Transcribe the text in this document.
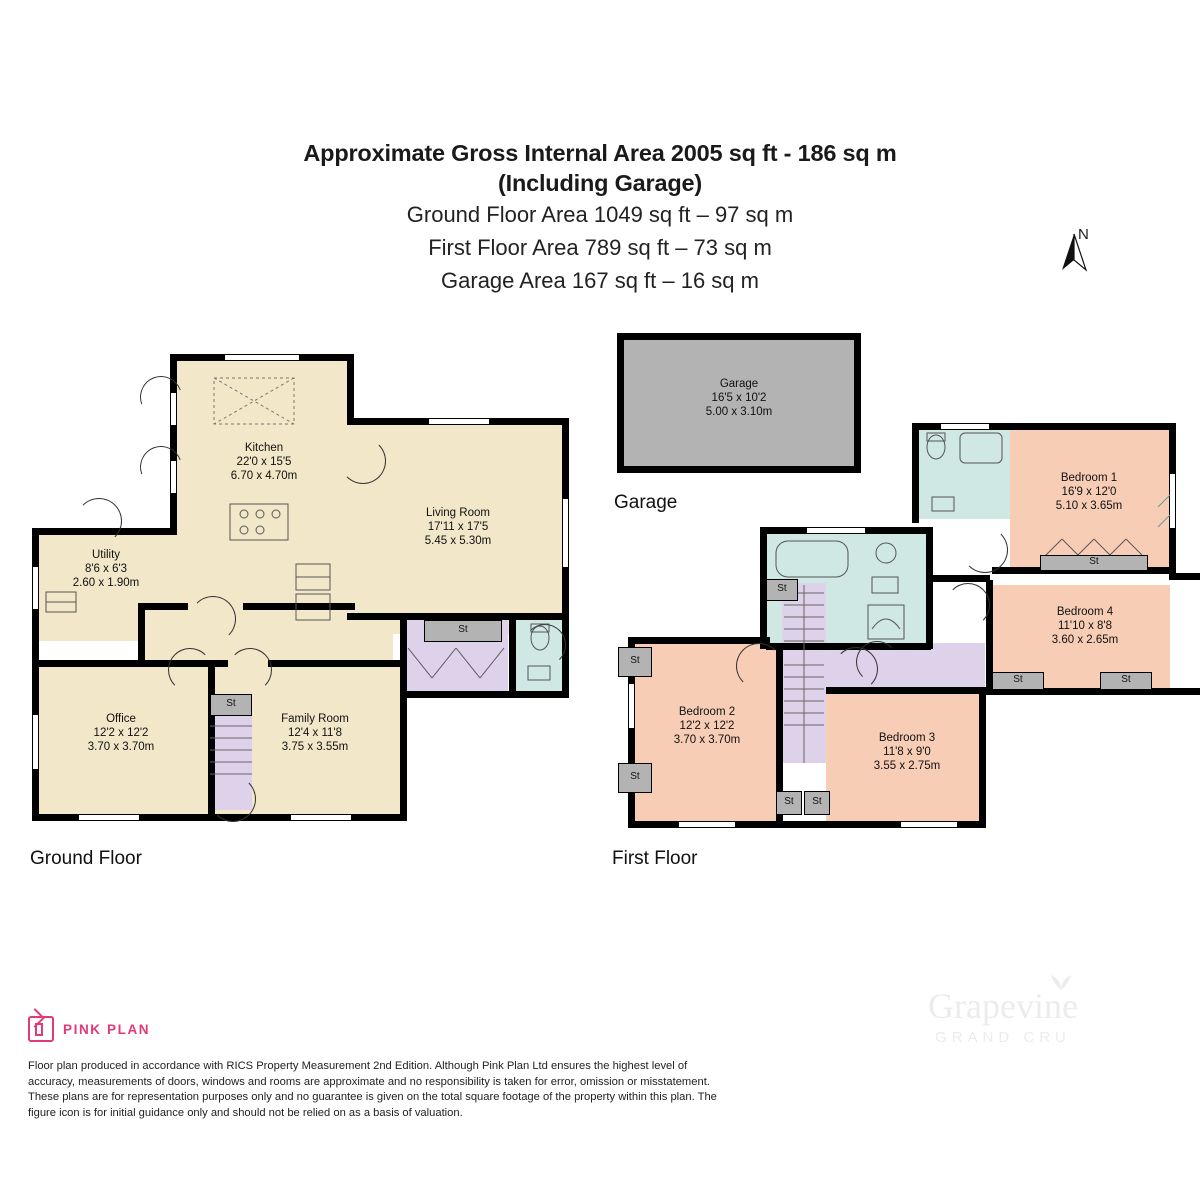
Approximate Gross Internal Area 2005 sq ft - 186 sq m
(Including Garage)
Ground Floor Area 1049 sq ft – 97 sq m
First Floor Area 789 sq ft – 73 sq m
Garage Area 167 sq ft – 16 sq m
N
Garage
16'5 x 10'2
5.00 x 3.10m
Garage
St
St
Kitchen
22'0 x 15'5
6.70 x 4.70m
Living Room
17'11 x 17'5
5.45 x 5.30m
Utility
8'6 x 6'3
2.60 x 1.90m
Office
12'2 x 12'2
3.70 x 3.70m
Family Room
12'4 x 11'8
3.75 x 3.55m
Ground Floor
St
St	St
St
St
St
St	St
Bedroom 1
16'9 x 12'0
5.10 x 3.65m
Bedroom 4
11'10 x 8'8
3.60 x 2.65m
Bedroom 2
12'2 x 12'2
3.70 x 3.70m	Bedroom 3
11'8 x 9'0
3.55 x 2.75m
First Floor
PINK PLAN
Floor plan produced in accordance with RICS Property Measurement 2nd Edition. Although Pink Plan Ltd ensures the highest level of accuracy, measurements of doors, windows and rooms are approximate and no responsibility is taken for error, omission or misstatement. These plans are for representation purposes only and no guarantee is given on the total square footage of the property within this plan. The figure icon is for initial guidance only and should not be relied on as a basis of valuation.
Grapevine
GRAND CRU
